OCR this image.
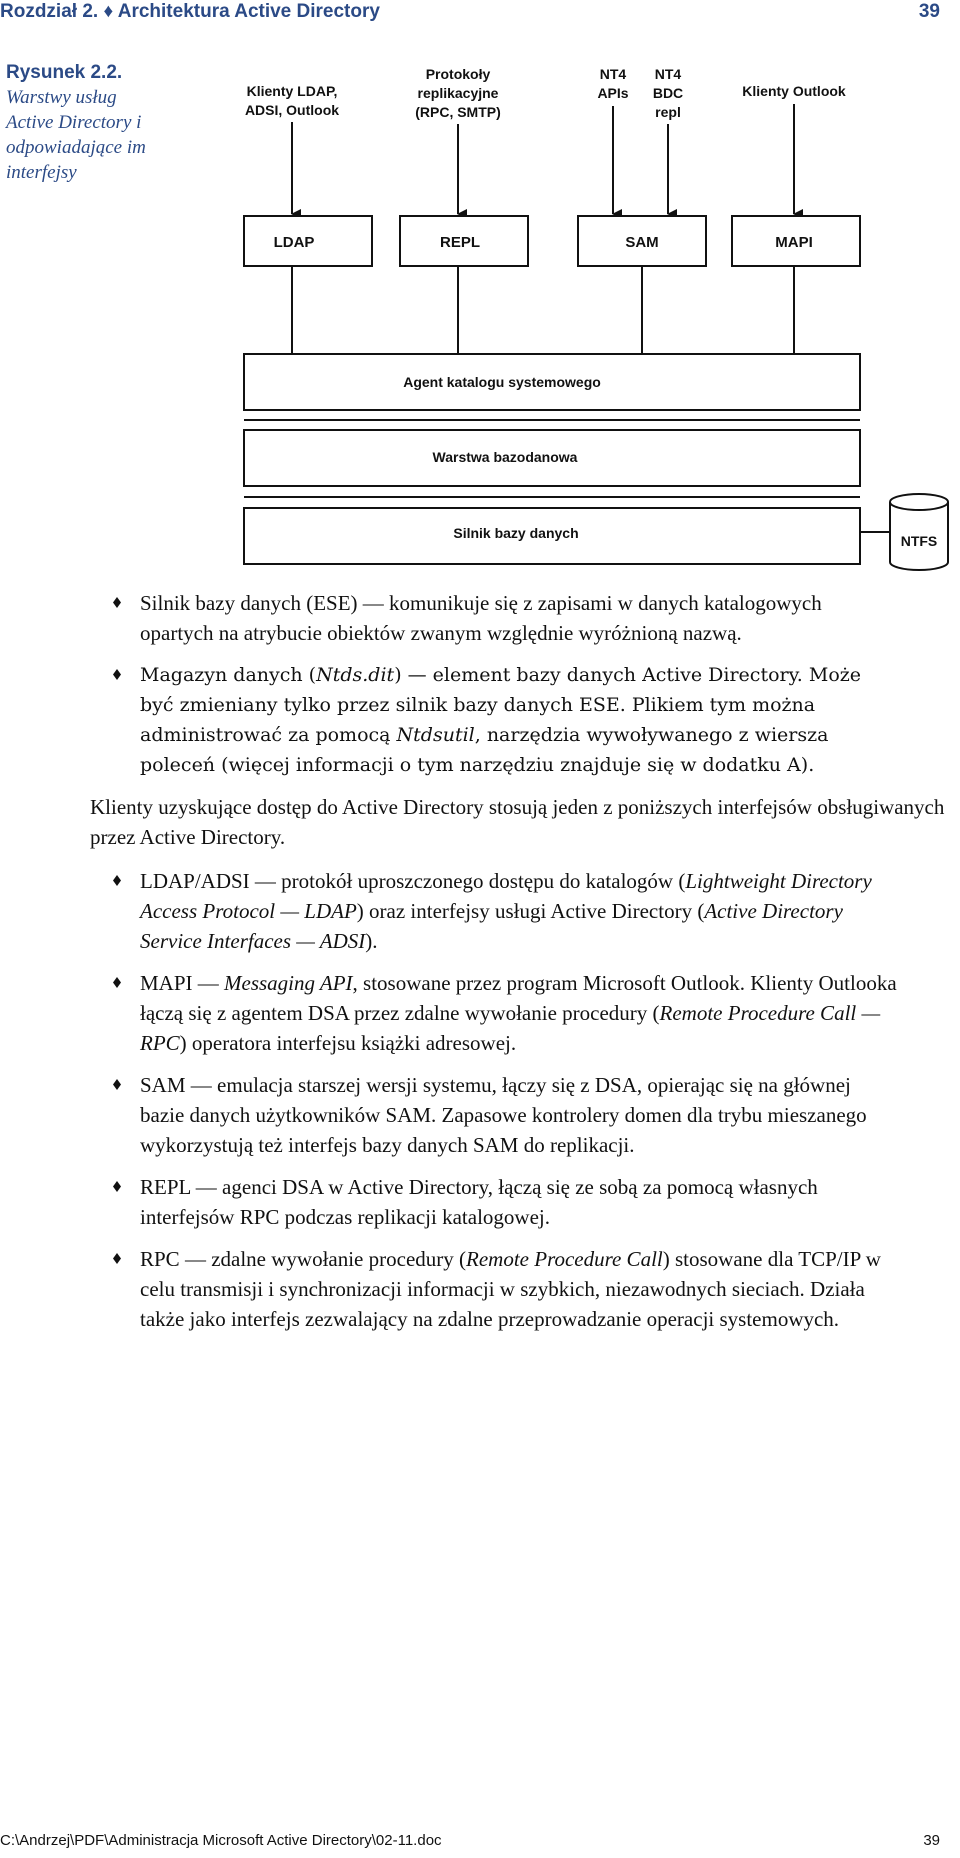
Rozdział 2. ♦ Architektura Active Directory	39
Klienty LDAP, ADSI, Outlook
Protokoły replikacyjne (RPC, SMTP)
NT4 APIs
NT4 BDC repl
Klienty Outlook
LDAP	REPL	SAM	MAPI
Agent katalogu systemowego
Warstwa bazodanowa
Silnik bazy danych	NTFS
Rysunek 2.2.
Warstwy usług Active Directory i odpowiadające im interfejsy
Silnik bazy danych (ESE) — komunikuje się z zapisami w danych katalogowych opartych na atrybucie obiektów zwanym względnie wyróżnioną nazwą.
Magazyn danych (Ntds.dit) — element bazy danych Active Directory. Może być zmieniany tylko przez silnik bazy danych ESE. Plikiem tym można administrować za pomocą Ntdsutil, narzędzia wywoływanego z wiersza poleceń (więcej informacji o tym narzędziu znajduje się w dodatku A).

Klienty uzyskujące dostęp do Active Directory stosują jeden z poniższych interfejsów obsługiwanych przez Active Directory.

LDAP/ADSI — protokół uproszczonego dostępu do katalogów (Lightweight Directory Access Protocol — LDAP) oraz interfejsy usługi Active Directory (Active Directory Service Interfaces — ADSI).
MAPI — Messaging API, stosowane przez program Microsoft Outlook. Klienty Outlooka łączą się z agentem DSA przez zdalne wywołanie procedury (Remote Procedure Call — RPC) operatora interfejsu książki adresowej.
SAM — emulacja starszej wersji systemu, łączy się z DSA, opierając się na głównej bazie danych użytkowników SAM. Zapasowe kontrolery domen dla trybu mieszanego wykorzystują też interfejs bazy danych SAM do replikacji.
REPL — agenci DSA w Active Directory, łączą się ze sobą za pomocą własnych interfejsów RPC podczas replikacji katalogowej.
RPC — zdalne wywołanie procedury (Remote Procedure Call) stosowane dla TCP/IP w celu transmisji i synchronizacji informacji w szybkich, niezawodnych sieciach. Działa także jako interfejs zezwalający na zdalne przeprowadzanie operacji systemowych.
C:\Andrzej\PDF\Administracja Microsoft Active Directory\02-11.doc	39
